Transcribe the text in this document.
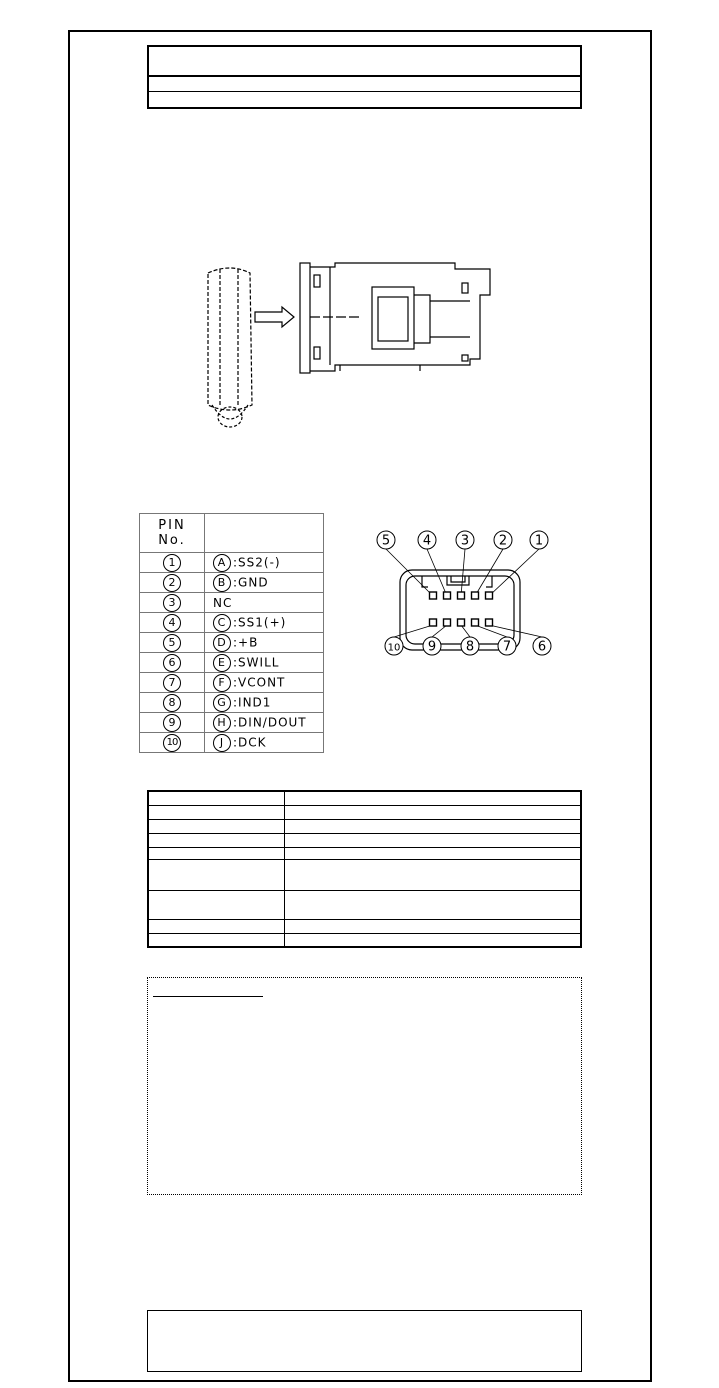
PIN
No.	

1	A :SS2(-)
2	B :GND
3	NC
4	C :SS1(+)
5	D :+B
6	E :SWILL
7	F :VCONT
8	G :IND1
9	H :DIN/DOUT
10	J :DCK
5	4 3 2 1
10 9 8 7 6
